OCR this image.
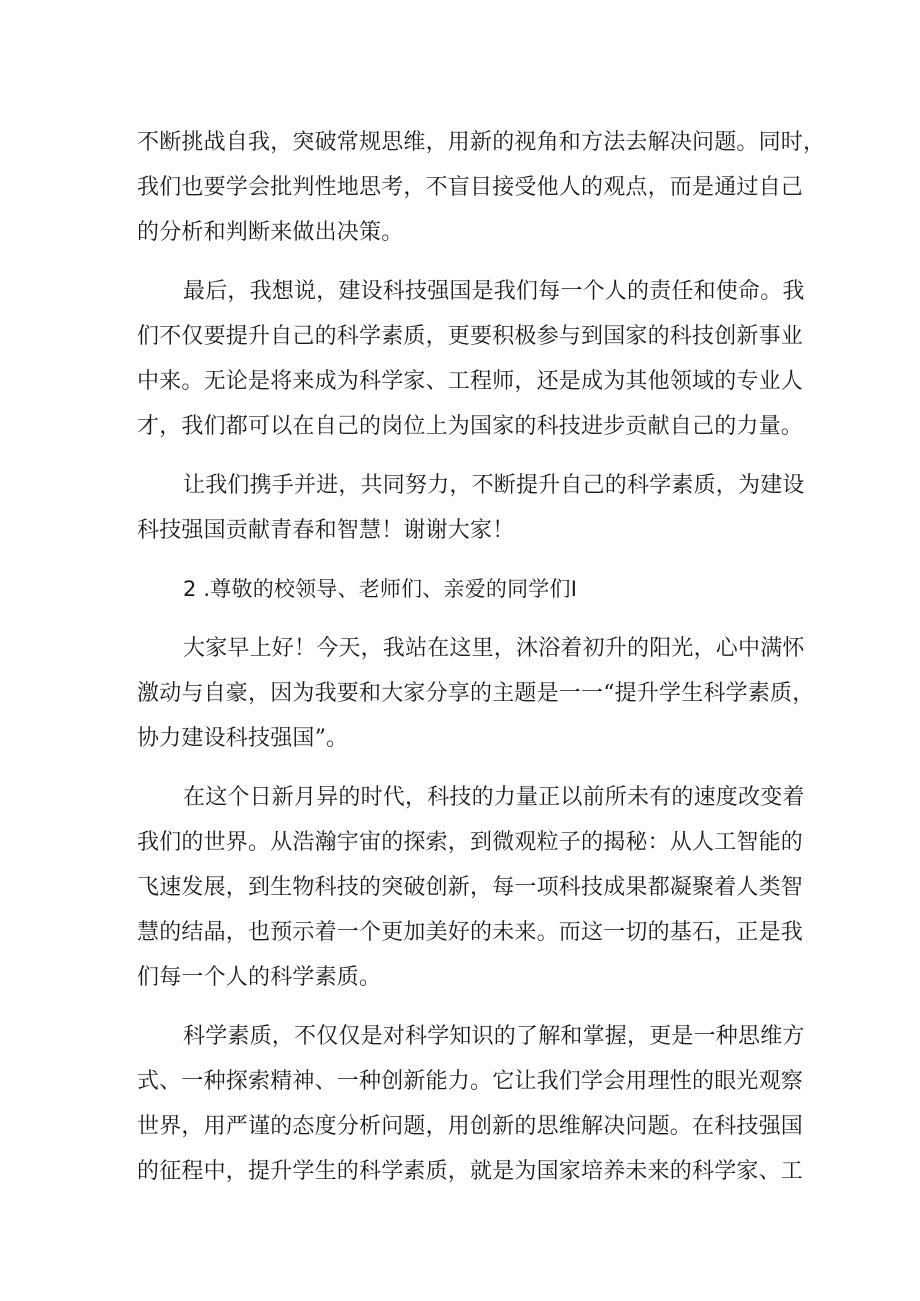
不断挑战自我，突破常规思维，用新的视角和方法去解决问题。同时，
我们也要学会批判性地思考，不盲目接受他人的观点，而是通过自己
的分析和判断来做出决策。
最后，我想说，建设科技强国是我们每一个人的责任和使命。我
们不仅要提升自己的科学素质，更要积极参与到国家的科技创新事业
中来。无论是将来成为科学家、工程师，还是成为其他领域的专业人
才，我们都可以在自己的岗位上为国家的科技进步贡献自己的力量。
让我们携手并进，共同努力，不断提升自己的科学素质，为建设
科技强国贡献青春和智慧！谢谢大家！
2 .尊敬的校领导、老师们、亲爱的同学们I
大家早上好！今天，我站在这里，沐浴着初升的阳光，心中满怀
激动与自豪，因为我要和大家分享的主题是一一“提升学生科学素质，
协力建设科技强国”。
在这个日新月异的时代，科技的力量正以前所未有的速度改变着
我们的世界。从浩瀚宇宙的探索，到微观粒子的揭秘：从人工智能的
飞速发展，到生物科技的突破创新，每一项科技成果都凝聚着人类智
慧的结晶，也预示着一个更加美好的未来。而这一切的基石，正是我
们每一个人的科学素质。
科学素质，不仅仅是对科学知识的了解和掌握，更是一种思维方
式、一种探索精神、一种创新能力。它让我们学会用理性的眼光观察
世界，用严谨的态度分析问题，用创新的思维解决问题。在科技强国
的征程中，提升学生的科学素质，就是为国家培养未来的科学家、工
